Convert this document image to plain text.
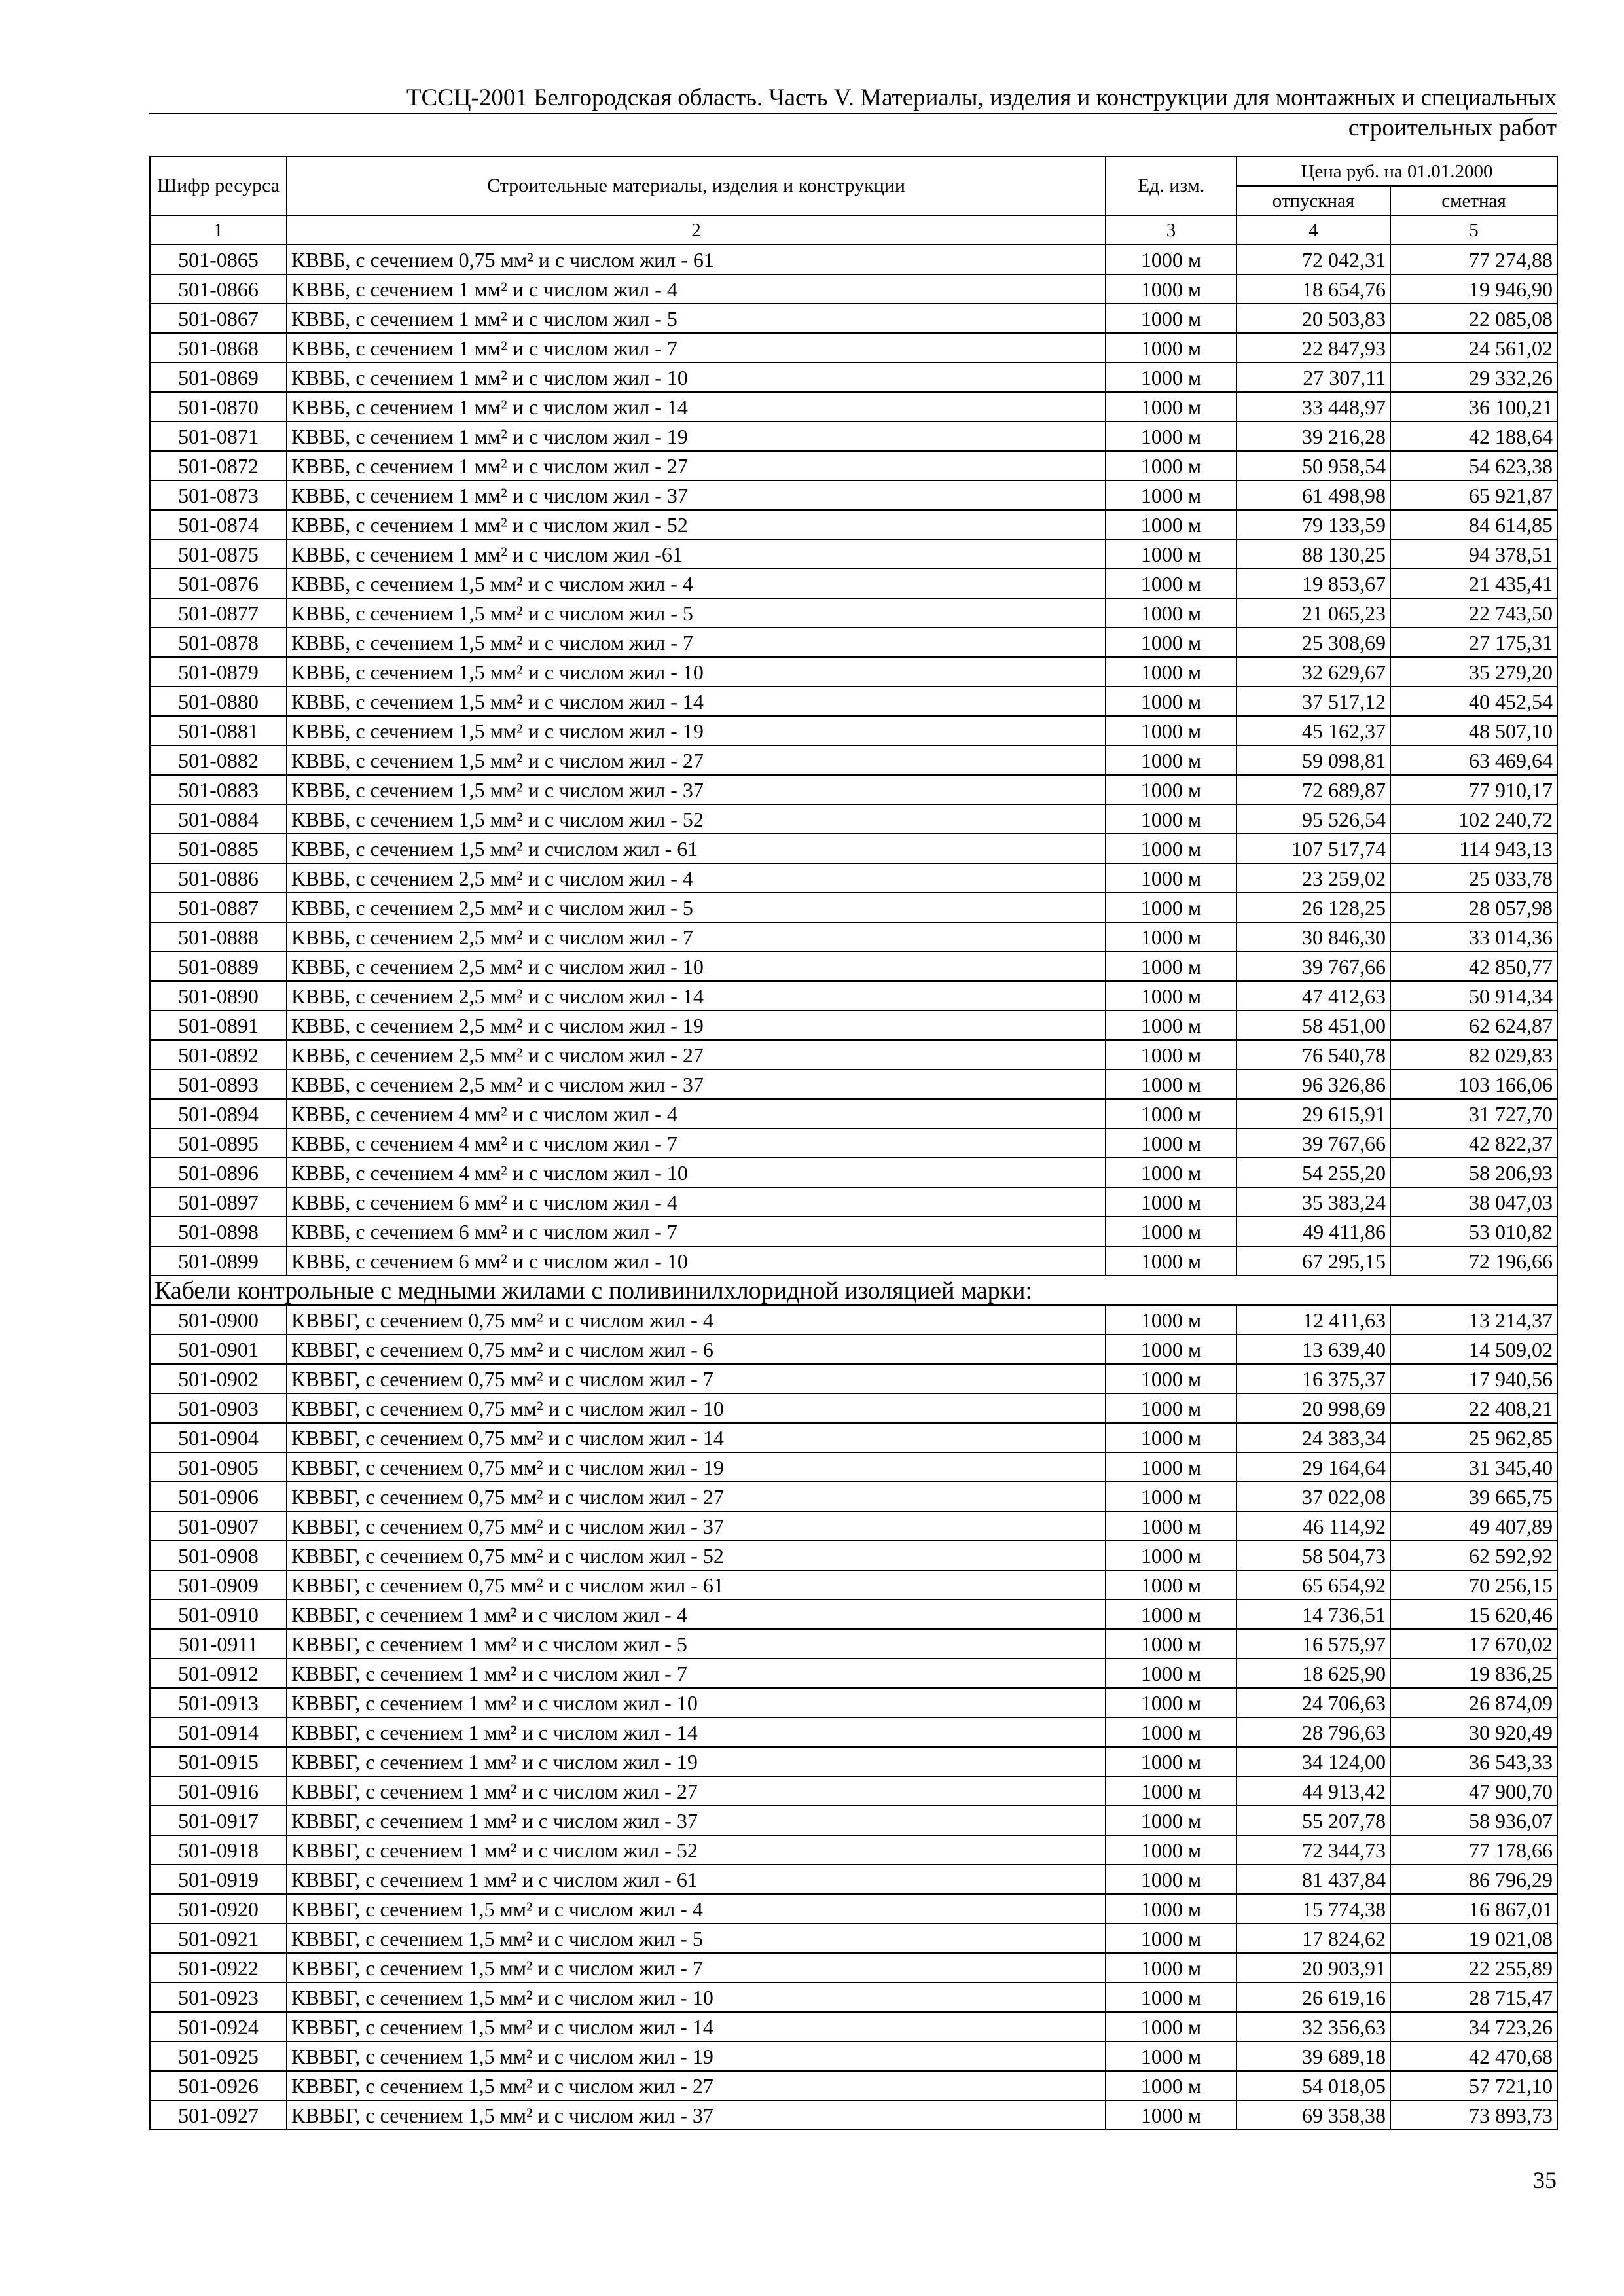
ТССЦ-2001 Белгородская область. Часть V. Материалы, изделия и конструкции для монтажных и специальных
строительных работ
Шифр ресурса	Строительные материалы, изделия и конструкции	Ед. изм.	Цена руб. на 01.01.2000	
			отпускная	сметная
1	2	3	4	5
501-0865	КВВБ, с сечением 0,75 мм² и с числом жил - 61	1000 м	72 042,31	77 274,88
501-0866	КВВБ, с сечением 1 мм² и с числом жил - 4	1000 м	18 654,76	19 946,90
501-0867	КВВБ, с сечением 1 мм² и с числом жил - 5	1000 м	20 503,83	22 085,08
501-0868	КВВБ, с сечением 1 мм² и с числом жил - 7	1000 м	22 847,93	24 561,02
501-0869	КВВБ, с сечением 1 мм² и с числом жил - 10	1000 м	27 307,11	29 332,26
501-0870	КВВБ, с сечением 1 мм² и с числом жил - 14	1000 м	33 448,97	36 100,21
501-0871	КВВБ, с сечением 1 мм² и с числом жил - 19	1000 м	39 216,28	42 188,64
501-0872	КВВБ, с сечением 1 мм² и с числом жил - 27	1000 м	50 958,54	54 623,38
501-0873	КВВБ, с сечением 1 мм² и с числом жил - 37	1000 м	61 498,98	65 921,87
501-0874	КВВБ, с сечением 1 мм² и с числом жил - 52	1000 м	79 133,59	84 614,85
501-0875	КВВБ, с сечением 1 мм² и с числом жил -61	1000 м	88 130,25	94 378,51
501-0876	КВВБ, с сечением 1,5 мм² и с числом жил - 4	1000 м	19 853,67	21 435,41
501-0877	КВВБ, с сечением 1,5 мм² и с числом жил - 5	1000 м	21 065,23	22 743,50
501-0878	КВВБ, с сечением 1,5 мм² и с числом жил - 7	1000 м	25 308,69	27 175,31
501-0879	КВВБ, с сечением 1,5 мм² и с числом жил - 10	1000 м	32 629,67	35 279,20
501-0880	КВВБ, с сечением 1,5 мм² и с числом жил - 14	1000 м	37 517,12	40 452,54
501-0881	КВВБ, с сечением 1,5 мм² и с числом жил - 19	1000 м	45 162,37	48 507,10
501-0882	КВВБ, с сечением 1,5 мм² и с числом жил - 27	1000 м	59 098,81	63 469,64
501-0883	КВВБ, с сечением 1,5 мм² и с числом жил - 37	1000 м	72 689,87	77 910,17
501-0884	КВВБ, с сечением 1,5 мм² и с числом жил - 52	1000 м	95 526,54	102 240,72
501-0885	КВВБ, с сечением 1,5 мм² и счислом жил - 61	1000 м	107 517,74	114 943,13
501-0886	КВВБ, с сечением 2,5 мм² и с числом жил - 4	1000 м	23 259,02	25 033,78
501-0887	КВВБ, с сечением 2,5 мм² и с числом жил - 5	1000 м	26 128,25	28 057,98
501-0888	КВВБ, с сечением 2,5 мм² и с числом жил - 7	1000 м	30 846,30	33 014,36
501-0889	КВВБ, с сечением 2,5 мм² и с числом жил - 10	1000 м	39 767,66	42 850,77
501-0890	КВВБ, с сечением 2,5 мм² и с числом жил - 14	1000 м	47 412,63	50 914,34
501-0891	КВВБ, с сечением 2,5 мм² и с числом жил - 19	1000 м	58 451,00	62 624,87
501-0892	КВВБ, с сечением 2,5 мм² и с числом жил - 27	1000 м	76 540,78	82 029,83
501-0893	КВВБ, с сечением 2,5 мм² и с числом жил - 37	1000 м	96 326,86	103 166,06
501-0894	КВВБ, с сечением 4 мм² и с числом жил - 4	1000 м	29 615,91	31 727,70
501-0895	КВВБ, с сечением 4 мм² и с числом жил - 7	1000 м	39 767,66	42 822,37
501-0896	КВВБ, с сечением 4 мм² и с числом жил - 10	1000 м	54 255,20	58 206,93
501-0897	КВВБ, с сечением 6 мм² и с числом жил - 4	1000 м	35 383,24	38 047,03
501-0898	КВВБ, с сечением 6 мм² и с числом жил - 7	1000 м	49 411,86	53 010,82
501-0899	КВВБ, с сечением 6 мм² и с числом жил - 10	1000 м	67 295,15	72 196,66
Кабели контрольные с медными жилами с поливинилхлоридной изоляцией марки:				
501-0900	КВВБГ, с сечением 0,75 мм² и с числом жил - 4	1000 м	12 411,63	13 214,37
501-0901	КВВБГ, с сечением 0,75 мм² и с числом жил - 6	1000 м	13 639,40	14 509,02
501-0902	КВВБГ, с сечением 0,75 мм² и с числом жил - 7	1000 м	16 375,37	17 940,56
501-0903	КВВБГ, с сечением 0,75 мм² и с числом жил - 10	1000 м	20 998,69	22 408,21
501-0904	КВВБГ, с сечением 0,75 мм² и с числом жил - 14	1000 м	24 383,34	25 962,85
501-0905	КВВБГ, с сечением 0,75 мм² и с числом жил - 19	1000 м	29 164,64	31 345,40
501-0906	КВВБГ, с сечением 0,75 мм² и с числом жил - 27	1000 м	37 022,08	39 665,75
501-0907	КВВБГ, с сечением 0,75 мм² и с числом жил - 37	1000 м	46 114,92	49 407,89
501-0908	КВВБГ, с сечением 0,75 мм² и с числом жил - 52	1000 м	58 504,73	62 592,92
501-0909	КВВБГ, с сечением 0,75 мм² и с числом жил - 61	1000 м	65 654,92	70 256,15
501-0910	КВВБГ, с сечением 1 мм² и с числом жил - 4	1000 м	14 736,51	15 620,46
501-0911	КВВБГ, с сечением 1 мм² и с числом жил - 5	1000 м	16 575,97	17 670,02
501-0912	КВВБГ, с сечением 1 мм² и с числом жил - 7	1000 м	18 625,90	19 836,25
501-0913	КВВБГ, с сечением 1 мм² и с числом жил - 10	1000 м	24 706,63	26 874,09
501-0914	КВВБГ, с сечением 1 мм² и с числом жил - 14	1000 м	28 796,63	30 920,49
501-0915	КВВБГ, с сечением 1 мм² и с числом жил - 19	1000 м	34 124,00	36 543,33
501-0916	КВВБГ, с сечением 1 мм² и с числом жил - 27	1000 м	44 913,42	47 900,70
501-0917	КВВБГ, с сечением 1 мм² и с числом жил - 37	1000 м	55 207,78	58 936,07
501-0918	КВВБГ, с сечением 1 мм² и с числом жил - 52	1000 м	72 344,73	77 178,66
501-0919	КВВБГ, с сечением 1 мм² и с числом жил - 61	1000 м	81 437,84	86 796,29
501-0920	КВВБГ, с сечением 1,5 мм² и с числом жил - 4	1000 м	15 774,38	16 867,01
501-0921	КВВБГ, с сечением 1,5 мм² и с числом жил - 5	1000 м	17 824,62	19 021,08
501-0922	КВВБГ, с сечением 1,5 мм² и с числом жил - 7	1000 м	20 903,91	22 255,89
501-0923	КВВБГ, с сечением 1,5 мм² и с числом жил - 10	1000 м	26 619,16	28 715,47
501-0924	КВВБГ, с сечением 1,5 мм² и с числом жил - 14	1000 м	32 356,63	34 723,26
501-0925	КВВБГ, с сечением 1,5 мм² и с числом жил - 19	1000 м	39 689,18	42 470,68
501-0926	КВВБГ, с сечением 1,5 мм² и с числом жил - 27	1000 м	54 018,05	57 721,10
501-0927	КВВБГ, с сечением 1,5 мм² и с числом жил - 37	1000 м	69 358,38	73 893,73
35
